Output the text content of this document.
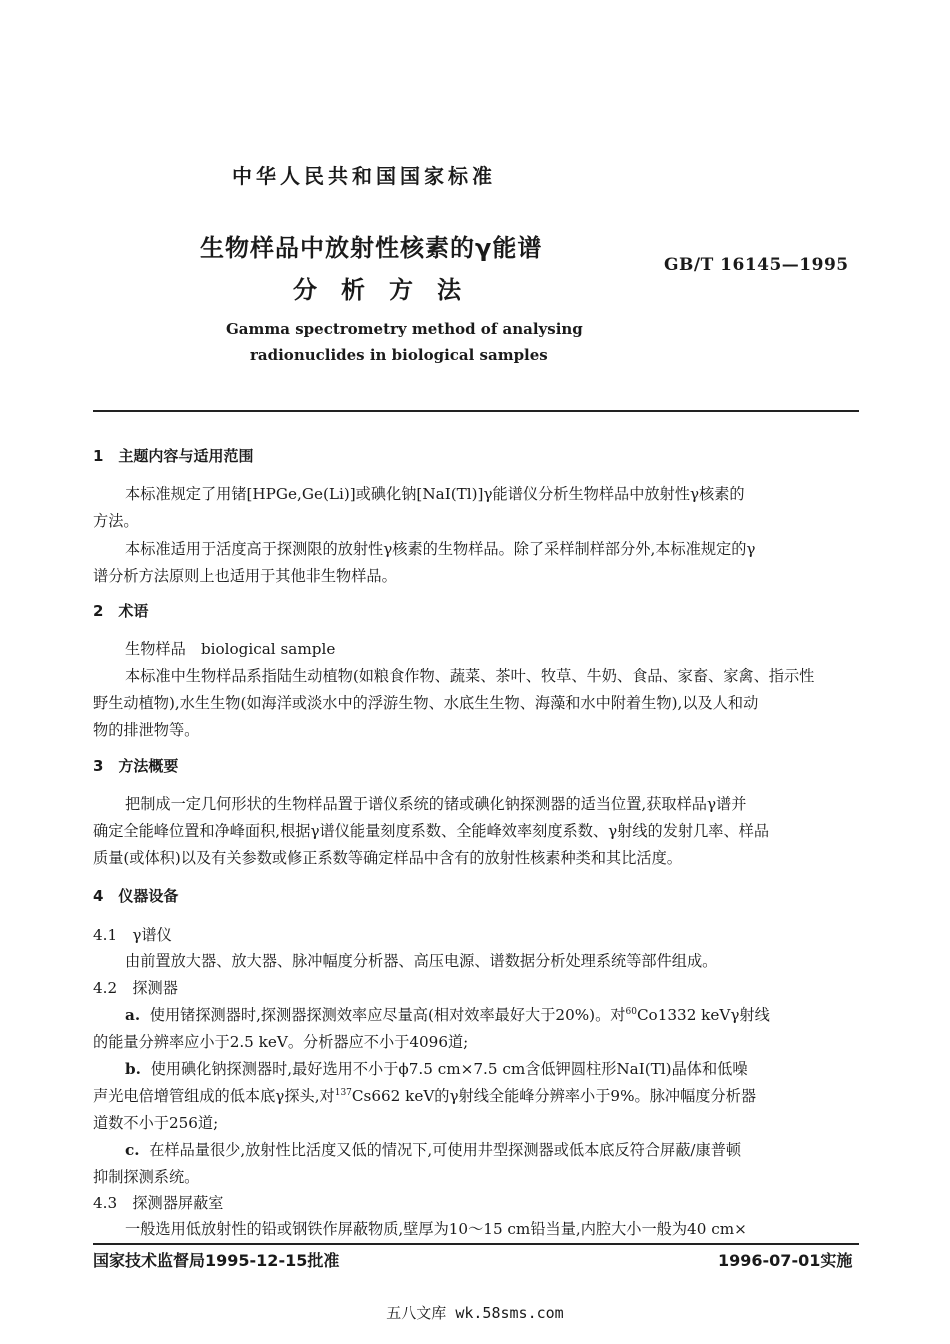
中华人民共和国国家标准
生物样品中放射性核素的γ能谱
分　析　方　法
GB/T 16145—1995
Gamma spectrometry method of analysing
radionuclides in biological samples
1　主题内容与适用范围
本标准规定了用锗[HPGe,Ge(Li)]或碘化钠[NaI(Tl)]γ能谱仪分析生物样品中放射性γ核素的
方法。
本标准适用于活度高于探测限的放射性γ核素的生物样品。除了采样制样部分外,本标准规定的γ
谱分析方法原则上也适用于其他非生物样品。
2　术语
生物样品　biological sample
本标准中生物样品系指陆生动植物(如粮食作物、蔬菜、茶叶、牧草、牛奶、食品、家畜、家禽、指示性
野生动植物),水生生物(如海洋或淡水中的浮游生物、水底生生物、海藻和水中附着生物),以及人和动
物的排泄物等。
3　方法概要
把制成一定几何形状的生物样品置于谱仪系统的锗或碘化钠探测器的适当位置,获取样品γ谱并
确定全能峰位置和净峰面积,根据γ谱仪能量刻度系数、全能峰效率刻度系数、γ射线的发射几率、样品
质量(或体积)以及有关参数或修正系数等确定样品中含有的放射性核素种类和其比活度。
4　仪器设备
4.1　γ谱仪
由前置放大器、放大器、脉冲幅度分析器、高压电源、谱数据分析处理系统等部件组成。
4.2　探测器
a. 使用锗探测器时,探测器探测效率应尽量高(相对效率最好大于20%)。对$^{60}$Co1332 keVγ射线
的能量分辨率应小于2.5 keV。分析器应不小于4096道;
b. 使用碘化钠探测器时,最好选用不小于ϕ7.5 cm×7.5 cm含低钾圆柱形NaI(Tl)晶体和低噪
声光电倍增管组成的低本底γ探头,对$^{137}$Cs662 keV的γ射线全能峰分辨率小于9%。脉冲幅度分析器
道数不小于256道;
c. 在样品量很少,放射性比活度又低的情况下,可使用井型探测器或低本底反符合屏蔽/康普顿
抑制探测系统。
4.3　探测器屏蔽室
一般选用低放射性的铅或钢铁作屏蔽物质,壁厚为10～15 cm铅当量,内腔大小一般为40 cm×
国家技术监督局1995-12-15批准	1996-07-01实施
五八文库 wk.58sms.com
